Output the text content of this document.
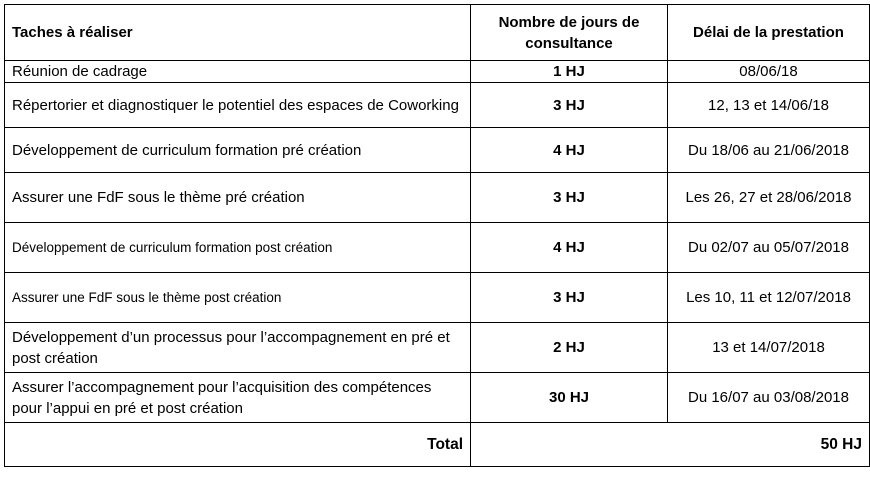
Taches à réaliser	Nombre de jours de consultance	Délai de la prestation
Réunion de cadrage	1 HJ	08/06/18
Répertorier et diagnostiquer le potentiel des espaces de Coworking	3 HJ	12, 13 et 14/06/18
Développement de curriculum formation pré création	4 HJ	Du 18/06 au 21/06/2018
Assurer une FdF sous le thème pré création	3 HJ	Les 26, 27 et 28/06/2018
Développement de curriculum formation post création	4 HJ	Du 02/07 au 05/07/2018
Assurer une FdF sous le thème post création	3 HJ	Les 10, 11 et 12/07/2018
Développement d’un processus pour l’accompagnement en pré et post création	2 HJ	13 et 14/07/2018
Assurer l’accompagnement pour l’acquisition des compétences pour l’appui en pré et post création	30 HJ	Du 16/07 au 03/08/2018
Total	50 HJ	
